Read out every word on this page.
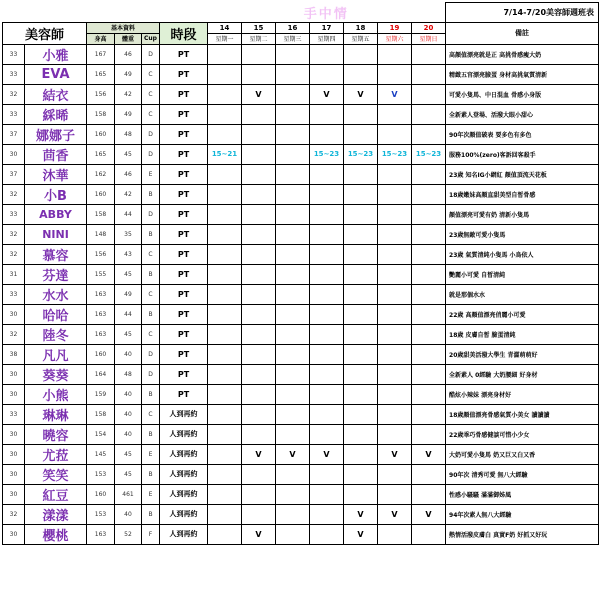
						手中情							7/14-7/20美容師週班表
美容師		基本資料			時段	14	15	16	17	18	19	20	備註
		身高	體重	Cup		星期一	星期二	星期三	星期四	星期五	星期六	星期日	
33	小雅	167	46	D	PT								高顏值漂亮就是正 高挑骨感瘦大奶
33	EVA	165	49	C	PT								精緻五官漂亮臉蛋 身材高挑氣質清新
32	結衣	156	42	C	PT		V		V	V	V		可愛小隻馬、中日混血 骨感小身版
33	綵晞	158	49	C	PT								全新素人登場、活潑大眼小甜心
37	娜娜子	160	48	D	PT								90年次顏值破表 要多色有多色
30	茴香	165	45	D	PT	15~21			15~23	15~23	15~23	15~23	服務100%(zero)客訴回客殺手
37	沐華	162	46	E	PT								23歲 知名IG小網紅 顏值頂流天花板
32	小B	160	42	B	PT								18歲嫩妹高顏直甜美型自皙骨感
33	ABBY	158	44	D	PT								顏值漂亮可愛有奶 清新小隻馬
32	NINI	148	35	B	PT								23歲無敵可愛小隻馬
32	慕容	156	43	C	PT								23歲 氣質清純小隻馬 小鳥依人
31	芬達	155	45	B	PT								艷麗小可愛 自皙清純
33	水水	163	49	C	PT								就是那個水水
30	哈哈	163	44	B	PT								22歲 高顏值漂亮俏麗小可愛
32	陸冬	163	45	C	PT								18歲 皮膚自皙 臉蛋清純
38	凡凡	160	40	D	PT								20歲甜美活潑大學生 青澀萌萌好
30	葵葵	164	48	D	PT								全新素人 0經驗 大奶腰細 好身材
30	小熊	159	40	B	PT								酷炫小辣妹 漂亮身材好
33	琳琳	158	40	C	人到再約								18歲顏值漂亮骨感氣質小美女 讀讀讀
30	曉容	154	40	B	人到再約								22歲乖巧骨感健談可惜小少女
30	尤菈	145	45	E	人到再約		V	V	V		V	V	大奶可愛小隻馬 奶又巨又白又香
30	笑笑	153	45	B	人到再約								90年次 清秀可愛 無八大經驗
30	紅豆	160	461	E	人到再約								性感小騷騷 滿滿御姊風
32	漾漾	153	40	B	人到再約					V	V	V	94年次素人無八大經驗
30	櫻桃	163	52	F	人到再約		V			V			熱情活潑皮膚白 真實F奶 好抓又好玩
